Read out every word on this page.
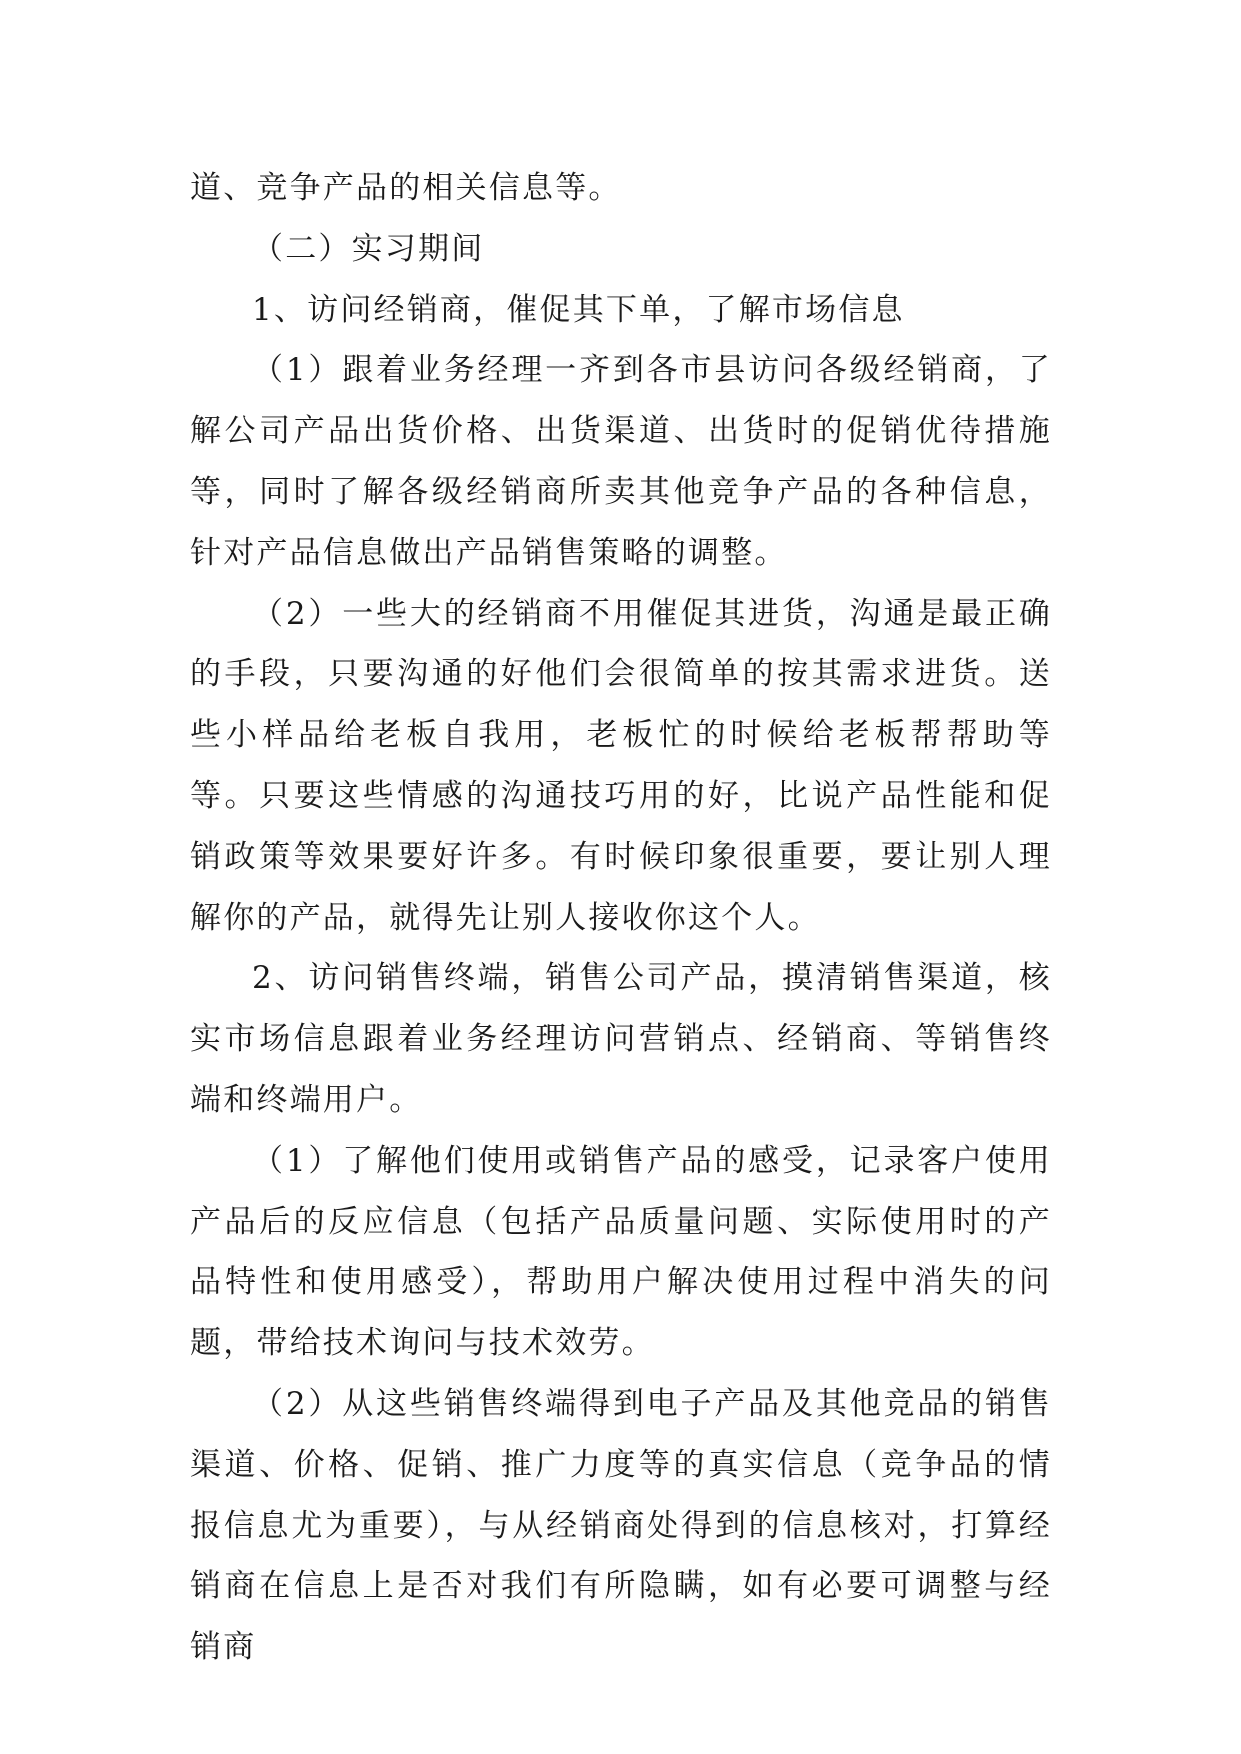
道、竞争产品的相关信息等。

（二）实习期间

1、访问经销商，催促其下单，了解市场信息

（1）跟着业务经理一齐到各市县访问各级经销商，了解公司产品出货价格、出货渠道、出货时的促销优待措施等，同时了解各级经销商所卖其他竞争产品的各种信息，针对产品信息做出产品销售策略的调整。

（2）一些大的经销商不用催促其进货，沟通是最正确的手段，只要沟通的好他们会很简单的按其需求进货。送些小样品给老板自我用，老板忙的时候给老板帮帮助等等。只要这些情感的沟通技巧用的好，比说产品性能和促销政策等效果要好许多。有时候印象很重要，要让别人理解你的产品，就得先让别人接收你这个人。

2、访问销售终端，销售公司产品，摸清销售渠道，核实市场信息跟着业务经理访问营销点、经销商、等销售终端和终端用户。

（1）了解他们使用或销售产品的感受，记录客户使用产品后的反应信息（包括产品质量问题、实际使用时的产品特性和使用感受），帮助用户解决使用过程中消失的问题，带给技术询问与技术效劳。

（2）从这些销售终端得到电子产品及其他竞品的销售渠道、价格、促销、推广力度等的真实信息（竞争品的情报信息尤为重要），与从经销商处得到的信息核对，打算经销商在信息上是否对我们有所隐瞒，如有必要可调整与经销商
